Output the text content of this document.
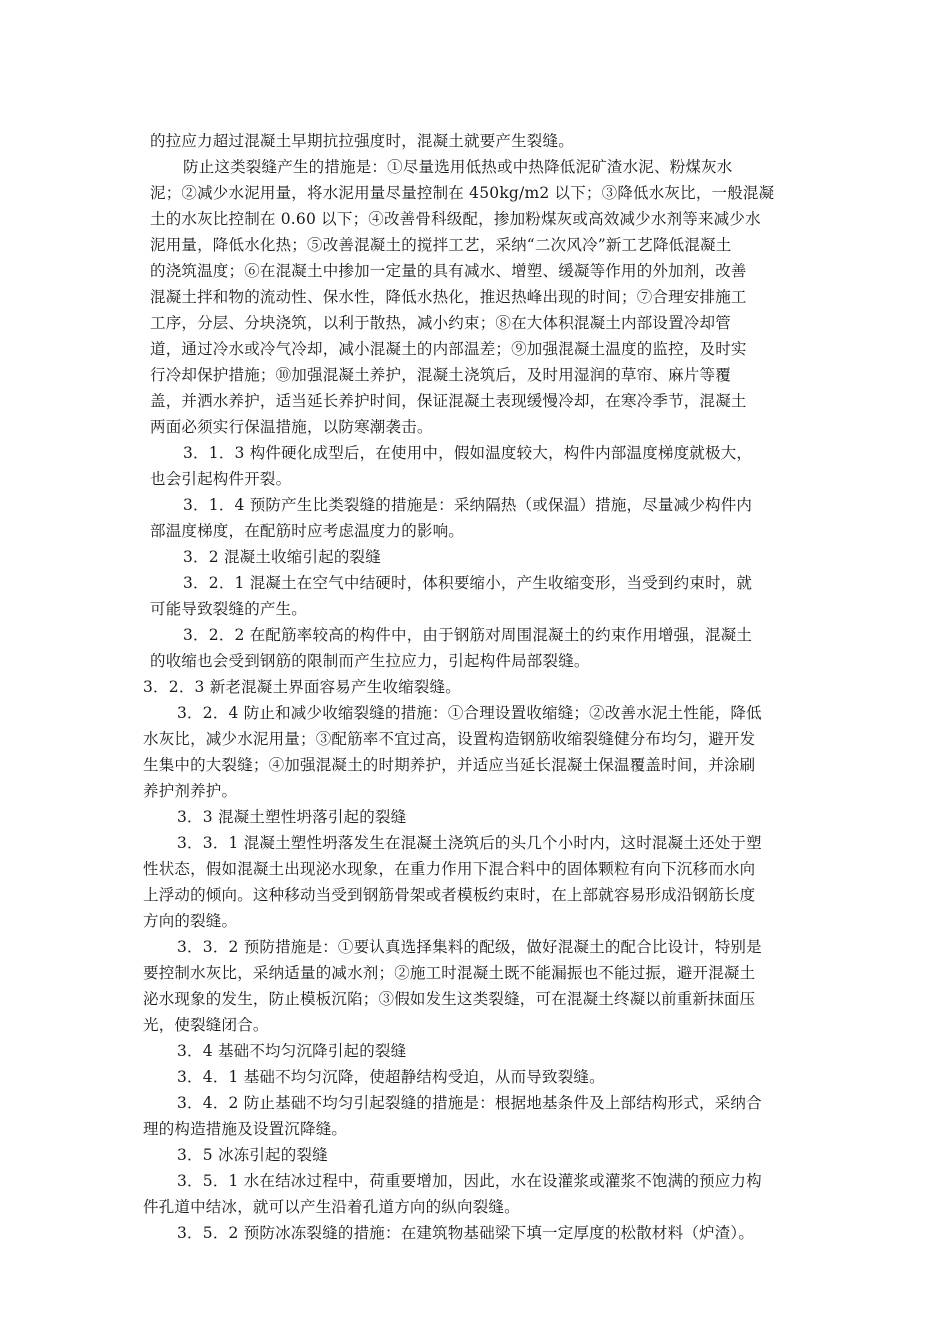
的拉应力超过混凝土早期抗拉强度时，混凝土就要产生裂缝。
防止这类裂缝产生的措施是：①尽量选用低热或中热降低泥矿渣水泥、粉煤灰水
泥；②减少水泥用量，将水泥用量尽量控制在 450kg/m2 以下；③降低水灰比，一般混凝
土的水灰比控制在 0.60 以下；④改善骨科级配，掺加粉煤灰或高效减少水剂等来减少水
泥用量，降低水化热；⑤改善混凝土的搅拌工艺，采纳“二次风冷”新工艺降低混凝土
的浇筑温度；⑥在混凝土中掺加一定量的具有减水、增塑、缓凝等作用的外加剂，改善
混凝土拌和物的流动性、保水性，降低水热化，推迟热峰出现的时间；⑦合理安排施工
工序，分层、分块浇筑，以利于散热，减小约束；⑧在大体积混凝土内部设置冷却管
道，通过冷水或冷气冷却，减小混凝土的内部温差；⑨加强混凝土温度的监控，及时实
行冷却保护措施；⑩加强混凝土养护，混凝土浇筑后，及时用湿润的草帘、麻片等覆
盖，并洒水养护，适当延长养护时间，保证混凝土表现缓慢冷却，在寒冷季节，混凝土
两面必须实行保温措施，以防寒潮袭击。
3．1．3 构件硬化成型后，在使用中，假如温度较大，构件内部温度梯度就极大，
也会引起构件开裂。
3．1．4 预防产生比类裂缝的措施是：采纳隔热（或保温）措施，尽量减少构件内
部温度梯度，在配筋时应考虑温度力的影响。
3．2 混凝土收缩引起的裂缝
3．2．1 混凝土在空气中结硬时，体积要缩小，产生收缩变形，当受到约束时，就
可能导致裂缝的产生。
3．2．2 在配筋率较高的构件中，由于钢筋对周围混凝土的约束作用增强，混凝土
的收缩也会受到钢筋的限制而产生拉应力，引起构件局部裂缝。
3．2．3 新老混凝土界面容易产生收缩裂缝。
3．2．4 防止和减少收缩裂缝的措施：①合理设置收缩缝；②改善水泥土性能，降低
水灰比，减少水泥用量；③配筋率不宜过高，设置构造钢筋收缩裂缝健分布均匀，避开发
生集中的大裂缝；④加强混凝土的时期养护，并适应当延长混凝土保温覆盖时间，并涂刷
养护剂养护。
3．3 混凝土塑性坍落引起的裂缝
3．3．1 混凝土塑性坍落发生在混凝土浇筑后的头几个小时内，这时混凝土还处于塑
性状态，假如混凝土出现泌水现象，在重力作用下混合料中的固体颗粒有向下沉移而水向
上浮动的倾向。这种移动当受到钢筋骨架或者模板约束时，在上部就容易形成沿钢筋长度
方向的裂缝。
3．3．2 预防措施是：①要认真选择集料的配级，做好混凝土的配合比设计，特别是
要控制水灰比，采纳适量的减水剂；②施工时混凝土既不能漏振也不能过振，避开混凝土
泌水现象的发生，防止模板沉陷；③假如发生这类裂缝，可在混凝土终凝以前重新抹面压
光，使裂缝闭合。
3．4 基础不均匀沉降引起的裂缝
3．4．1 基础不均匀沉降，使超静结构受迫，从而导致裂缝。
3．4．2 防止基础不均匀引起裂缝的措施是：根据地基条件及上部结构形式，采纳合
理的构造措施及设置沉降缝。
3．5 冰冻引起的裂缝
3．5．1 水在结冰过程中，荷重要增加，因此，水在设灌浆或灌浆不饱满的预应力构
件孔道中结冰，就可以产生沿着孔道方向的纵向裂缝。
3．5．2 预防冰冻裂缝的措施：在建筑物基础梁下填一定厚度的松散材料（炉渣）。
